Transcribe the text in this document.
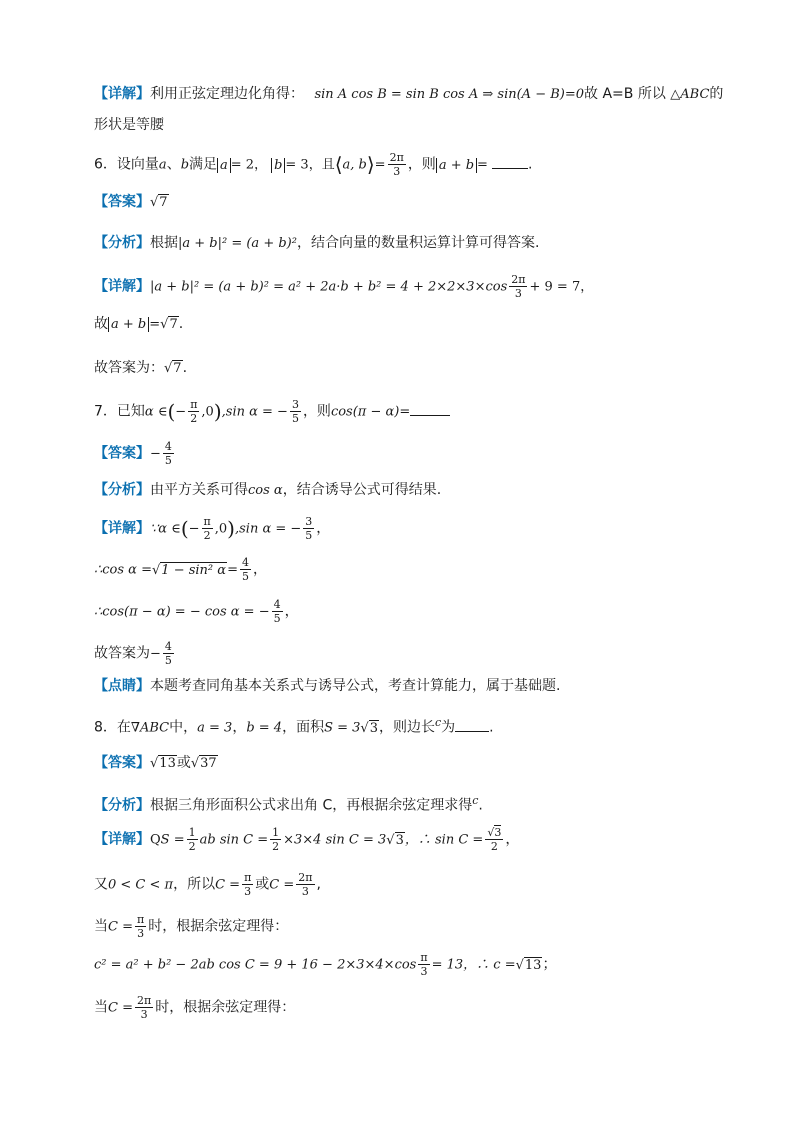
【详解】利用正弦定理边化角得： sin A cos B = sin B cos A ⇒ sin(A − B)=0故 A=B 所以 △ABC的
形状是等腰
6．设向量a、b满足 a = 2， b = 3，且⟨a, b⟩= $\frac{2\pi}{3}$ ，则 a + b =	.
【答案】√7
【分析】根据|a + b|² = (a + b)²，结合向量的数量积运算计算可得答案.
【详解】$|a + b|^2 = (a + b)^2 = a^2 + 2a\cdot b + b^2 = 4 + 2\times 2\times 3\times\cos \frac{2\pi}{3} + 9 = 7$，
故 a + b =√7.
故答案为：√7.
7．已知α ∈(− $\frac{\pi}{2} ,0),\sin$ α = − $\frac{3}{5}$ ，则cos(π − α)=
【答案】− $\frac{4}{5}$
【分析】由平方关系可得cos α，结合诱导公式可得结果.
【详解】∵α ∈(− $\frac{\pi}{2} ,0),\sin$ α = − $\frac{3}{5}$ ，
∴cos α =√1 − sin² $\alpha= \frac{4}{5}$ ，
∴cos(π − α) = − cos α = − $\frac{4}{5}$ ，
故答案为− $\frac{4}{5}$
【点睛】本题考查同角基本关系式与诱导公式，考查计算能力，属于基础题.
8．在∇ABC中，a = 3，b = 4，面积S = 3√3，则边长$^c$为 .
【答案】√13或√37
【分析】根据三角形面积公式求出角 C，再根据余弦定理求得$^c$.
【详解】QS = $\frac{1}{2}$ ab $\sin C = \frac{1}{2} \times 3\times 4$ sin C = 3√3，∴ $\sin C = \frac{√3}{2}$ ，
又0 < C < π，所以$C = \frac{\pi}{3}$ 或$C = \frac{2\pi}{3}$ ,
当$C = \frac{\pi}{3}$ 时，根据余弦定理得：
c² = a² + b² − 2ab $\cos C = 9 + 16 - 2\times 3\times 4\times\cos \frac{\pi}{3} = 13$，∴ c =√13；
当$C = \frac{2\pi}{3}$ 时，根据余弦定理得：
